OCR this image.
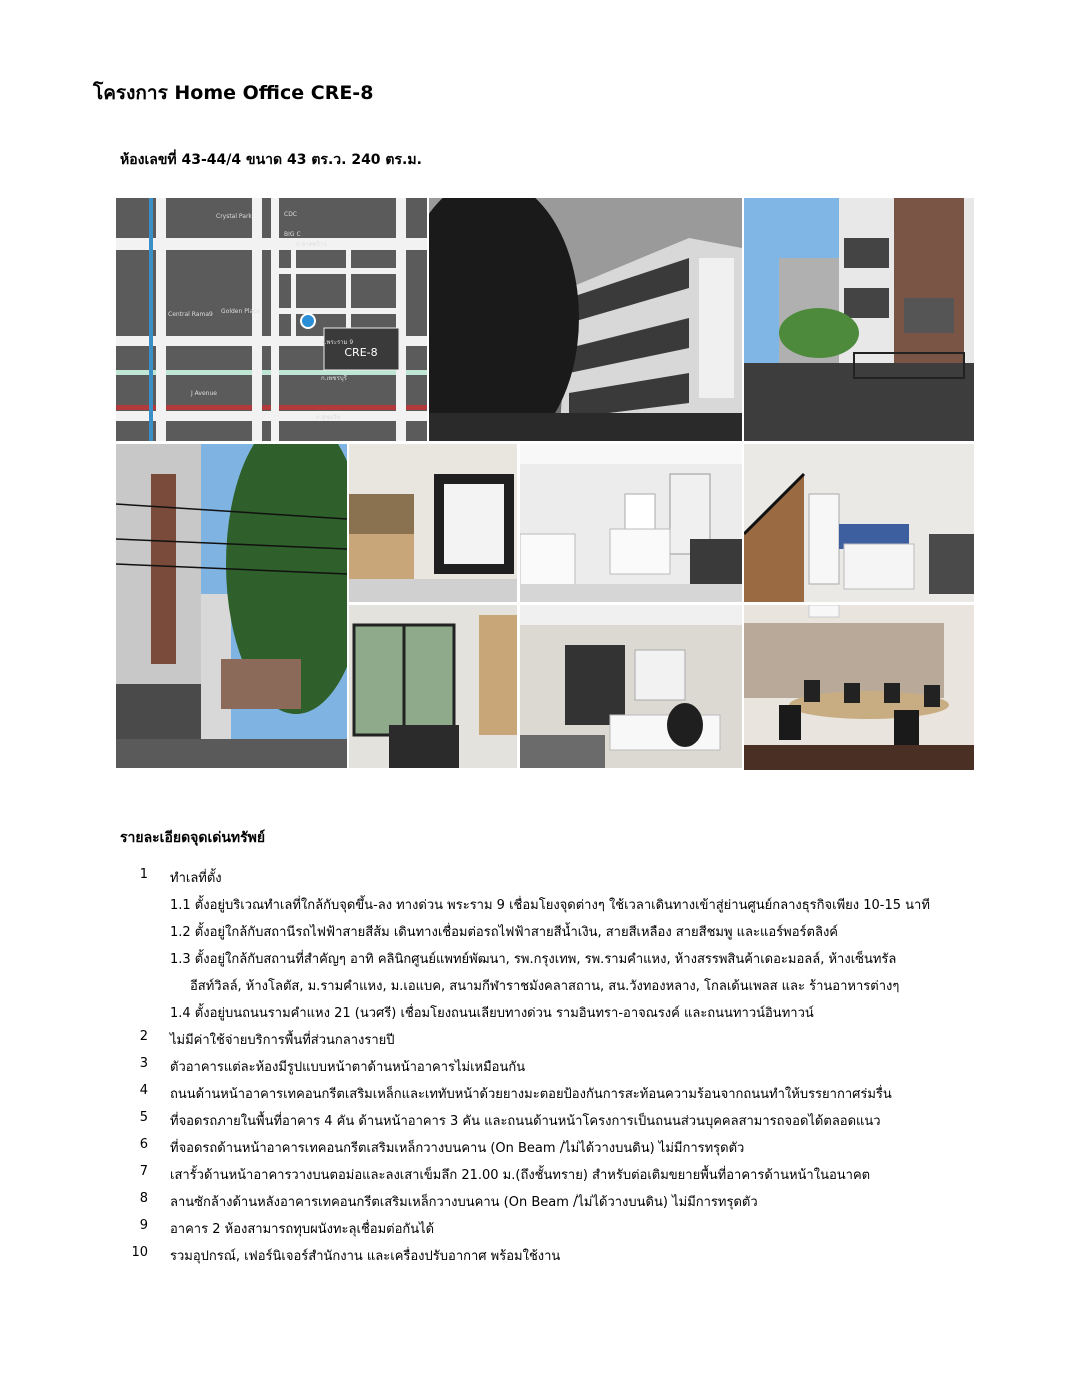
โครงการ Home Office CRE-8
ห้องเลขที่ 43-44/4 ขนาด 43 ตร.ว. 240 ตร.ม.
CRE-8
ก.ลาดพร้าว
ก.พระราม 9
ก.เพชรบุรี
ก.สุขุมวิท
Crystal Park	CDC
BIG C
Central Rama9 Golden Place
J Avenue
รายละเอียดจุดเด่นทรัพย์
1 ทำเลที่ตั้ง
1.1 ตั้งอยู่บริเวณทำเลที่ใกล้กับจุดขึ้น-ลง ทางด่วน พระราม 9 เชื่อมโยงจุดต่างๆ ใช้เวลาเดินทางเข้าสู่ย่านศูนย์กลางธุรกิจเพียง 10-15 นาที
1.2 ตั้งอยู่ใกล้กับสถานีรถไฟฟ้าสายสีส้ม เดินทางเชื่อมต่อรถไฟฟ้าสายสีน้ำเงิน, สายสีเหลือง สายสีชมพู และแอร์พอร์ตลิงค์
1.3 ตั้งอยู่ใกล้กับสถานที่สำคัญๆ อาทิ คลินิกศูนย์แพทย์พัฒนา, รพ.กรุงเทพ, รพ.รามคำแหง, ห้างสรรพสินค้าเดอะมอลล์, ห้างเซ็นทรัล
อีสท์วิลล์, ห้างโลตัส, ม.รามคำแหง, ม.เอแบค, สนามกีฬาราชมังคลาสถาน, สน.วังทองหลาง, โกลเด้นเพลส และ ร้านอาหารต่างๆ
1.4 ตั้งอยู่บนถนนรามคำแหง 21 (นวศรี) เชื่อมโยงถนนเลียบทางด่วน รามอินทรา-อาจณรงค์ และถนนทาวน์อินทาวน์
2 ไม่มีค่าใช้จ่ายบริการพื้นที่ส่วนกลางรายปี
3 ตัวอาคารแต่ละห้องมีรูปแบบหน้าตาด้านหน้าอาคารไม่เหมือนกัน
4 ถนนด้านหน้าอาคารเทคอนกรีตเสริมเหล็กและเททับหน้าด้วยยางมะตอยป้องกันการสะท้อนความร้อนจากถนนทำให้บรรยากาศร่มรื่น
5 ที่จอดรถภายในพื้นที่อาคาร 4 คัน ด้านหน้าอาคาร 3 คัน และถนนด้านหน้าโครงการเป็นถนนส่วนบุคคลสามารถจอดได้ตลอดแนว
6 ที่จอดรถด้านหน้าอาคารเทคอนกรีตเสริมเหล็กวางบนคาน (On Beam /ไม่ได้วางบนดิน) ไม่มีการทรุดตัว
7 เสารั้วด้านหน้าอาคารวางบนตอม่อและลงเสาเข็มลึก 21.00 ม.(ถึงชั้นทราย) สำหรับต่อเติมขยายพื้นที่อาคารด้านหน้าในอนาคต
8 ลานซักล้างด้านหลังอาคารเทคอนกรีตเสริมเหล็กวางบนคาน (On Beam /ไม่ได้วางบนดิน) ไม่มีการทรุดตัว
9 อาคาร 2 ห้องสามารถทุบผนังทะลุเชื่อมต่อกันได้
10 รวมอุปกรณ์, เฟอร์นิเจอร์สำนักงาน และเครื่องปรับอากาศ พร้อมใช้งาน
